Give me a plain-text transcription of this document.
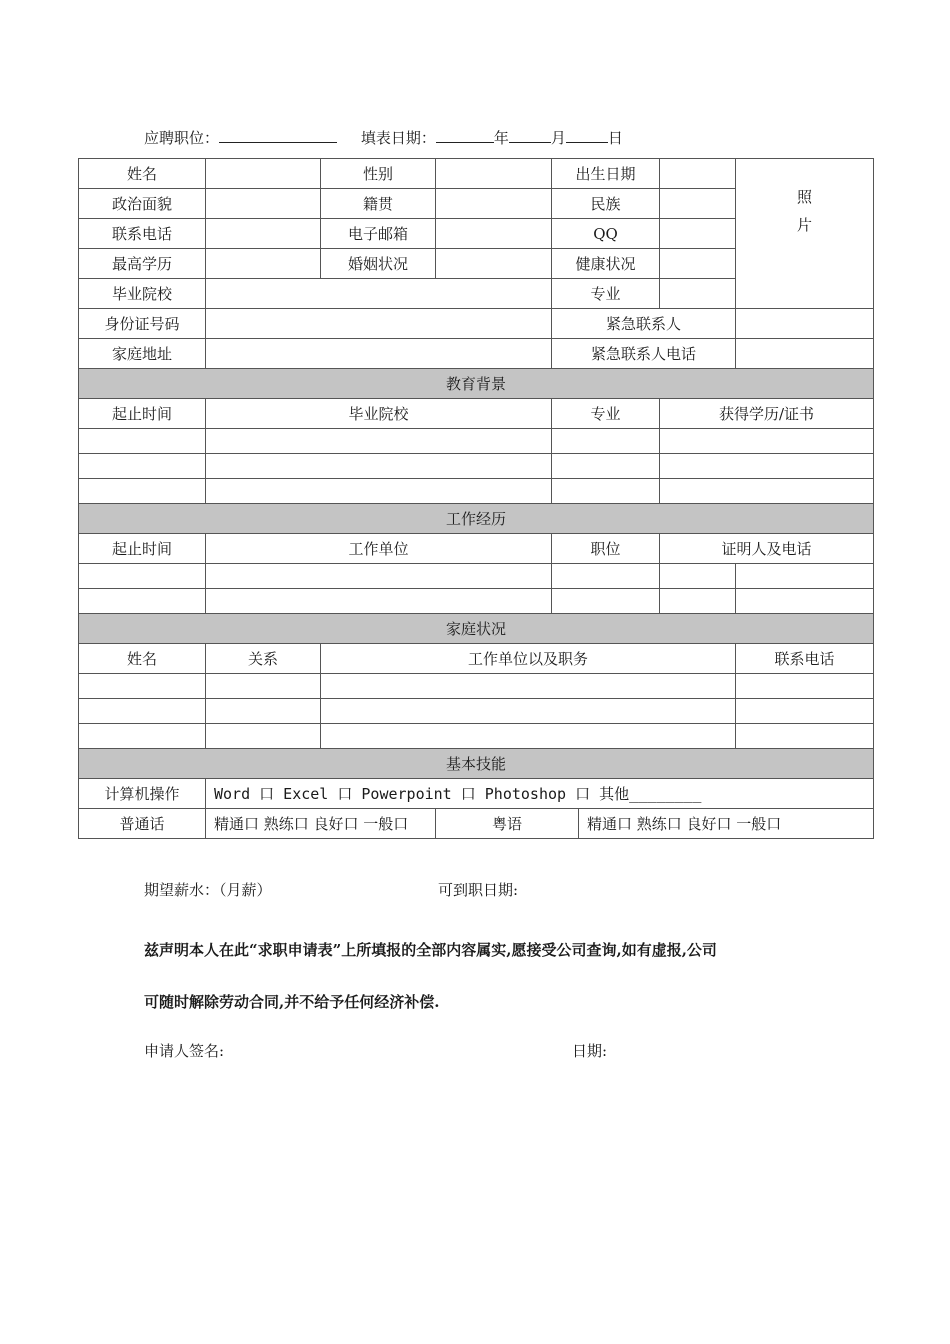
应聘职位：	填表日期：	年	月	日
姓名		性别		出生日期			照
片

政治面貌		籍贯		民族			
联系电话		电子邮箱		QQ			
最高学历		婚姻状况		健康状况			
毕业院校				专业			
身份证号码				紧急联系人			
家庭地址				紧急联系人电话			
教育背景							
起止时间	毕业院校			专业		获得学历/证书	

工作经历							
起止时间	工作单位			职位		证明人及电话	

家庭状况							
姓名	关系	工作单位以及职务					联系电话

基本技能							
计算机操作	Word 口 Excel 口 Powerpoint 口 Photoshop 口 其他________						
普通话	精通口 熟练口 良好口 一般口		粤语		精通口 熟练口 良好口 一般口		
期望薪水：（月薪）	可到职日期:
兹声明本人在此“求职申请表”上所填报的全部内容属实,愿接受公司查询,如有虚报,公司
可随时解除劳动合同,并不给予任何经济补偿.
申请人签名:	日期:
